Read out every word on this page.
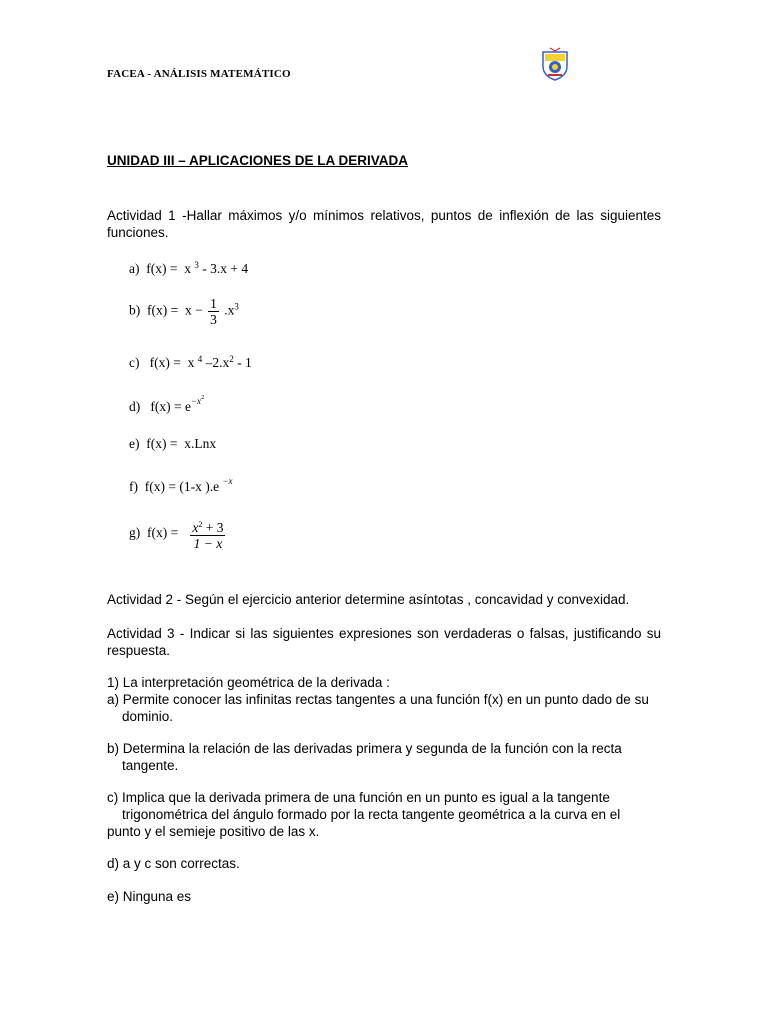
FACEA - ANÁLISIS MATEMÁTICO
UNIDAD III – APLICACIONES DE LA DERIVADA
Actividad 1 -Hallar máximos y/o mínimos relativos, puntos de inflexión de las siguientes funciones.
a) f(x) = x $^3$ - 3.x + 4
b) $f(x) = x - \frac{1}{3} .x^3$
c) f(x) = x $^4$ $-2.x^2 - 1$
d) $f(x) = e^{-x2}$
e) f(x) = x.Lnx
f) f(x) = (1-x ).e $^{-x}$
g) $f(x) = \frac{x^2 + 3}{1 - x}$
Actividad 2 - Según el ejercicio anterior determine asíntotas , concavidad y convexidad.
Actividad 3 - Indicar si las siguientes expresiones son verdaderas o falsas, justificando su respuesta.
1) La interpretación geométrica de la derivada :
a) Permite conocer las infinitas rectas tangentes a una función f(x) en un punto dado de su
dominio.
b) Determina la relación de las derivadas primera y segunda de la función con la recta
tangente.
c) Implica que la derivada primera de una función en un punto es igual a la tangente
trigonométrica del ángulo formado por la recta tangente geométrica a la curva en el
punto y el semieje positivo de las x.
d) a y c son correctas.
e) Ninguna es
